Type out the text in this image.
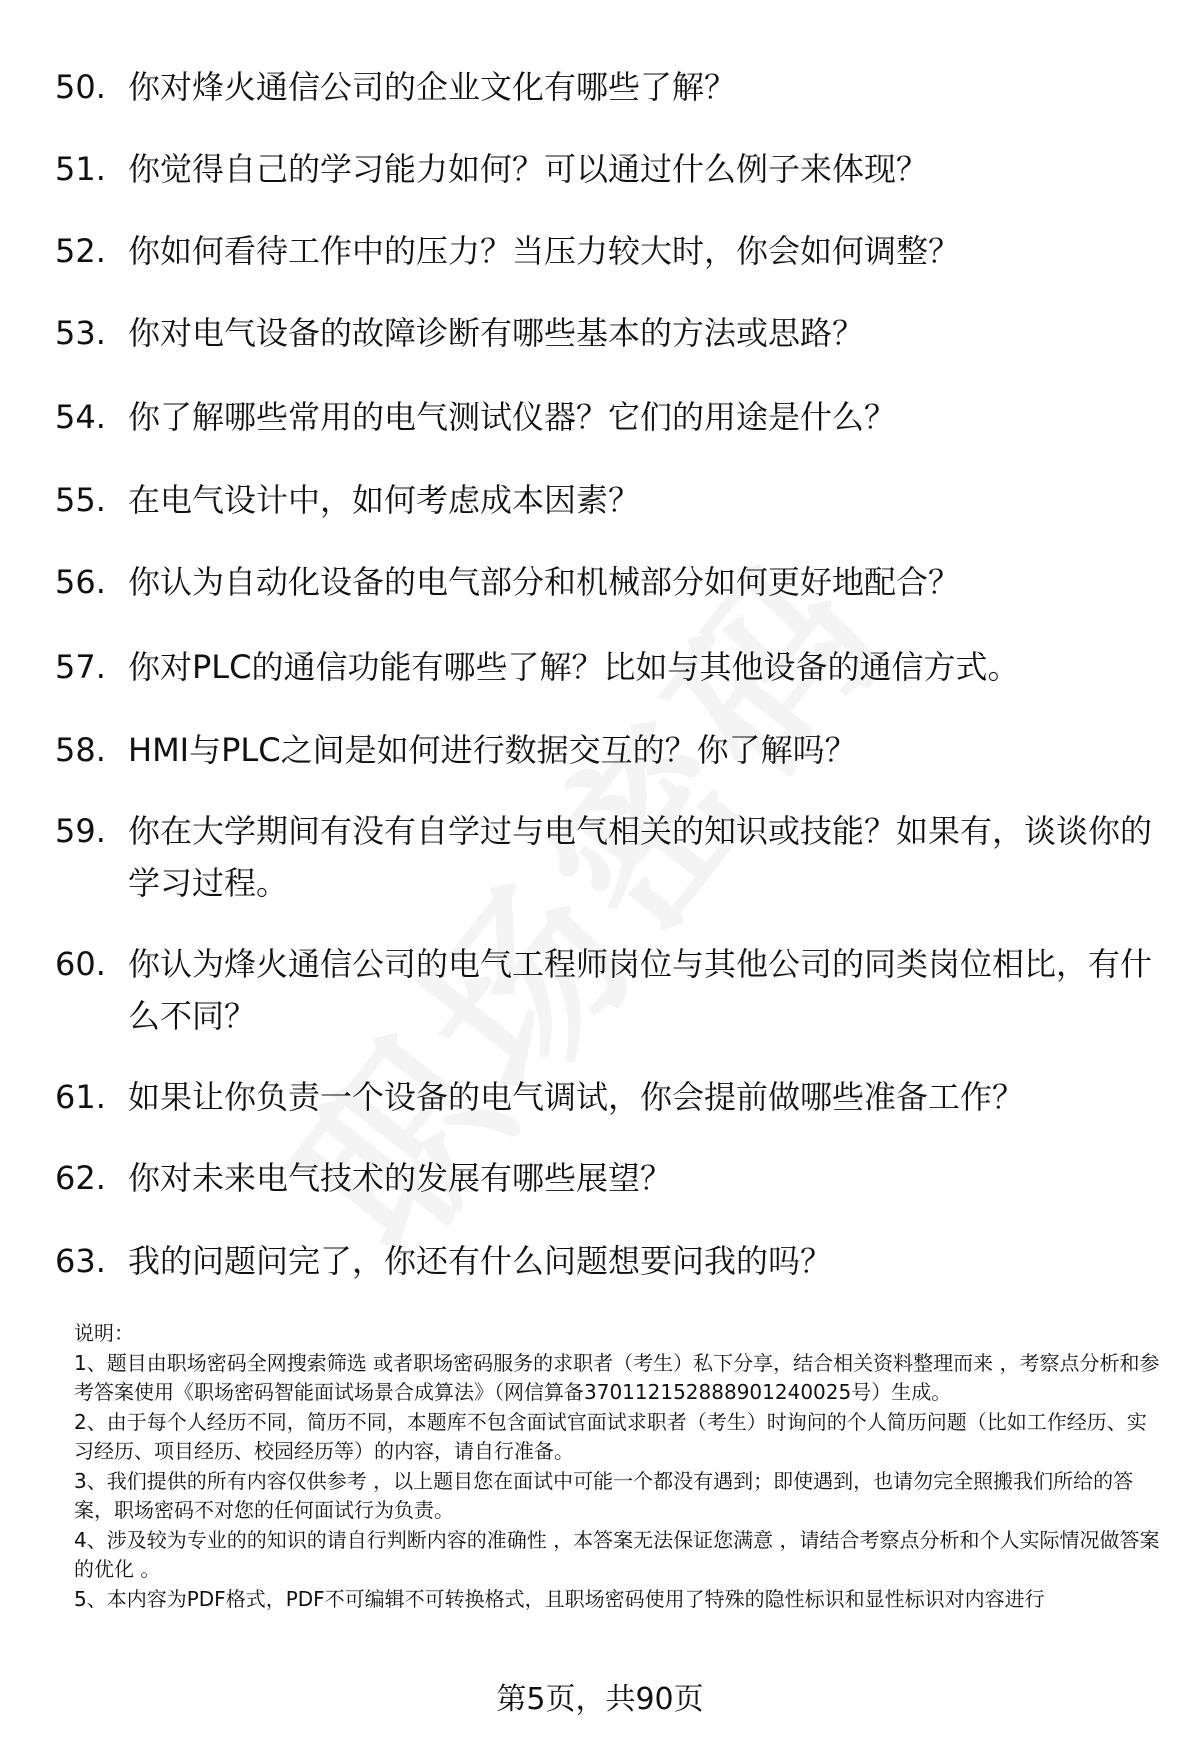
50. 你对烽火通信公司的企业文化有哪些了解？
51. 你觉得自己的学习能力如何？可以通过什么例子来体现？
52. 你如何看待工作中的压力？当压力较大时，你会如何调整？
53. 你对电气设备的故障诊断有哪些基本的方法或思路？
54. 你了解哪些常用的电气测试仪器？它们的用途是什么？
55. 在电气设计中，如何考虑成本因素？
56. 你认为自动化设备的电气部分和机械部分如何更好地配合？
57. 你对PLC的通信功能有哪些了解？比如与其他设备的通信方式。
58. HMI与PLC之间是如何进行数据交互的？你了解吗？
59. 你在大学期间有没有自学过与电气相关的知识或技能？如果有，谈谈你的学习过程。
60. 你认为烽火通信公司的电气工程师岗位与其他公司的同类岗位相比，有什么不同？
61. 如果让你负责一个设备的电气调试，你会提前做哪些准备工作？
62. 你对未来电气技术的发展有哪些展望？
63. 我的问题问完了，你还有什么问题想要问我的吗？

说明：

1、题目由职场密码全网搜索筛选 或者职场密码服务的求职者（考生）私下分享，结合相关资料整理而来 ，考察点分析和参考答案使用《职场密码智能面试场景合成算法》（网信算备370112152888901240025号）生成。

2、由于每个人经历不同，简历不同，本题库不包含面试官面试求职者（考生）时询问的个人简历问题（比如工作经历、实习经历、项目经历、校园经历等）的内容，请自行准备。

3、我们提供的所有内容仅供参考 ，以上题目您在面试中可能一个都没有遇到；即使遇到，也请勿完全照搬我们所给的答案，职场密码不对您的任何面试行为负责。

4、涉及较为专业的的知识的请自行判断内容的准确性 ，本答案无法保证您满意 ，请结合考察点分析和个人实际情况做答案的优化 。

5、本内容为PDF格式，PDF不可编辑不可转换格式，且职场密码使用了特殊的隐性标识和显性标识对内容进行

第5页，共90页
